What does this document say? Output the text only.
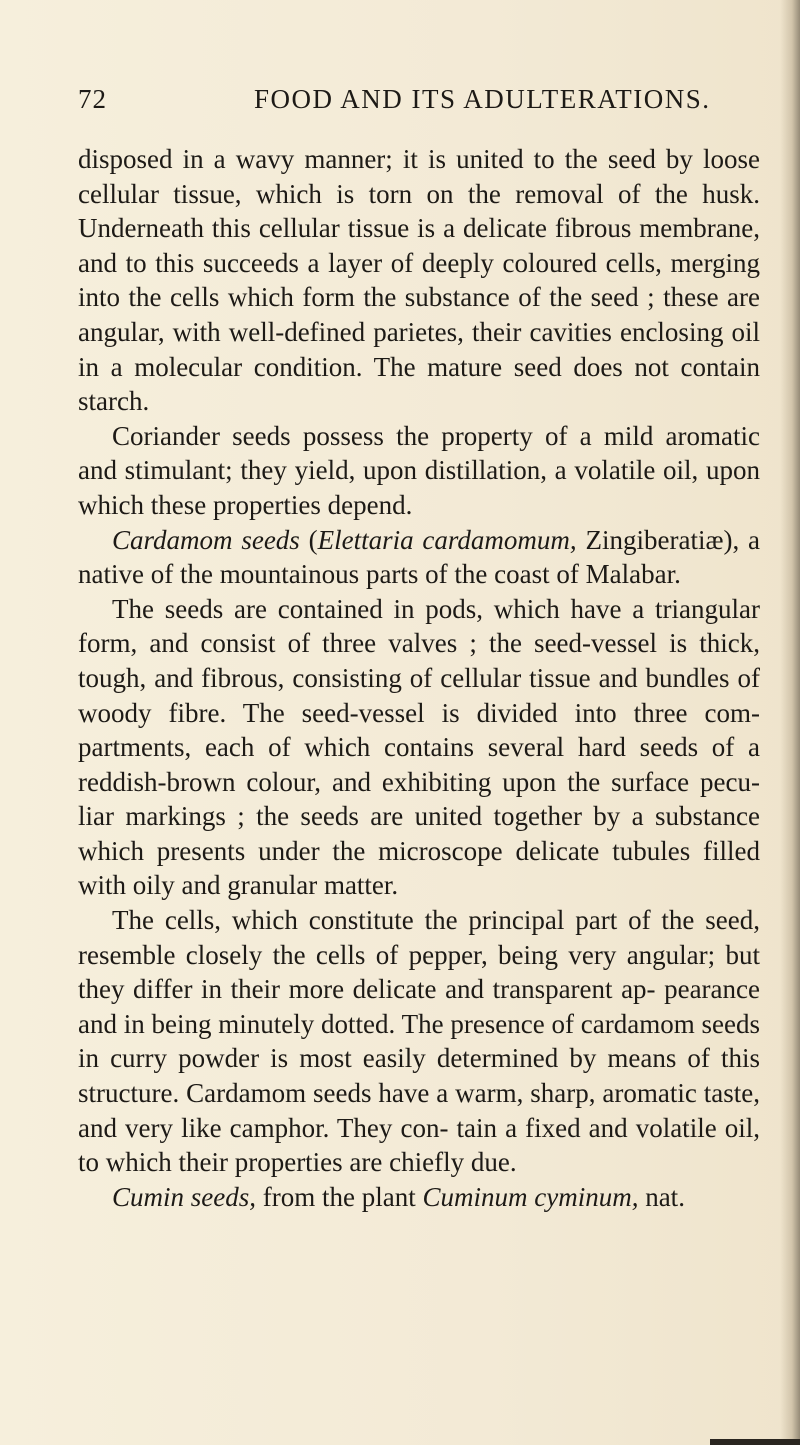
72	FOOD AND ITS ADULTERATIONS.

disposed in a wavy manner; it is united to the seed by loose cellular tissue, which is torn on the removal of the husk. Underneath this cellular tissue is a delicate fibrous membrane, and to this succeeds a layer of deeply coloured cells, merging into the cells which form the substance of the seed ; these are angular, with well-defined parietes, their cavities enclosing oil in a molecular condition. The mature seed does not contain starch.

Coriander seeds possess the property of a mild aromatic and stimulant; they yield, upon distillation, a volatile oil, upon which these properties depend.

Cardamom seeds (Elettaria cardamomum, Zingiberatiæ), a native of the mountainous parts of the coast of Malabar.

The seeds are contained in pods, which have a triangular form, and consist of three valves ; the seed-vessel is thick, tough, and fibrous, consisting of cellular tissue and bundles of woody fibre. The seed-vessel is divided into three com- partments, each of which contains several hard seeds of a reddish-brown colour, and exhibiting upon the surface pecu- liar markings ; the seeds are united together by a substance which presents under the microscope delicate tubules filled with oily and granular matter.

The cells, which constitute the principal part of the seed, resemble closely the cells of pepper, being very angular; but they differ in their more delicate and transparent ap- pearance and in being minutely dotted. The presence of cardamom seeds in curry powder is most easily determined by means of this structure. Cardamom seeds have a warm, sharp, aromatic taste, and very like camphor. They con- tain a fixed and volatile oil, to which their properties are chiefly due.

Cumin seeds, from the plant Cuminum cyminum, nat.
